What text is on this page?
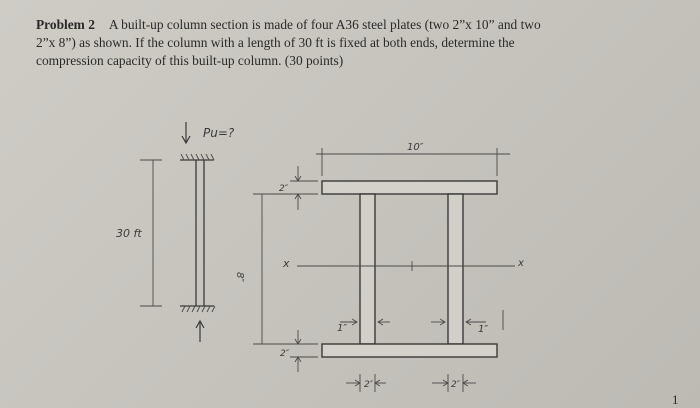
Problem 2 A built-up column section is made of four A36 steel plates (two 2”x 10” and two
2”x 8”) as shown. If the column with a length of 30 ft is fixed at both ends, determine the
compression capacity of this built-up column. (30 points)
Pu=?
30 ft
10″
2″
8″
x	x
1″	1″
2″
2″	2″
1
